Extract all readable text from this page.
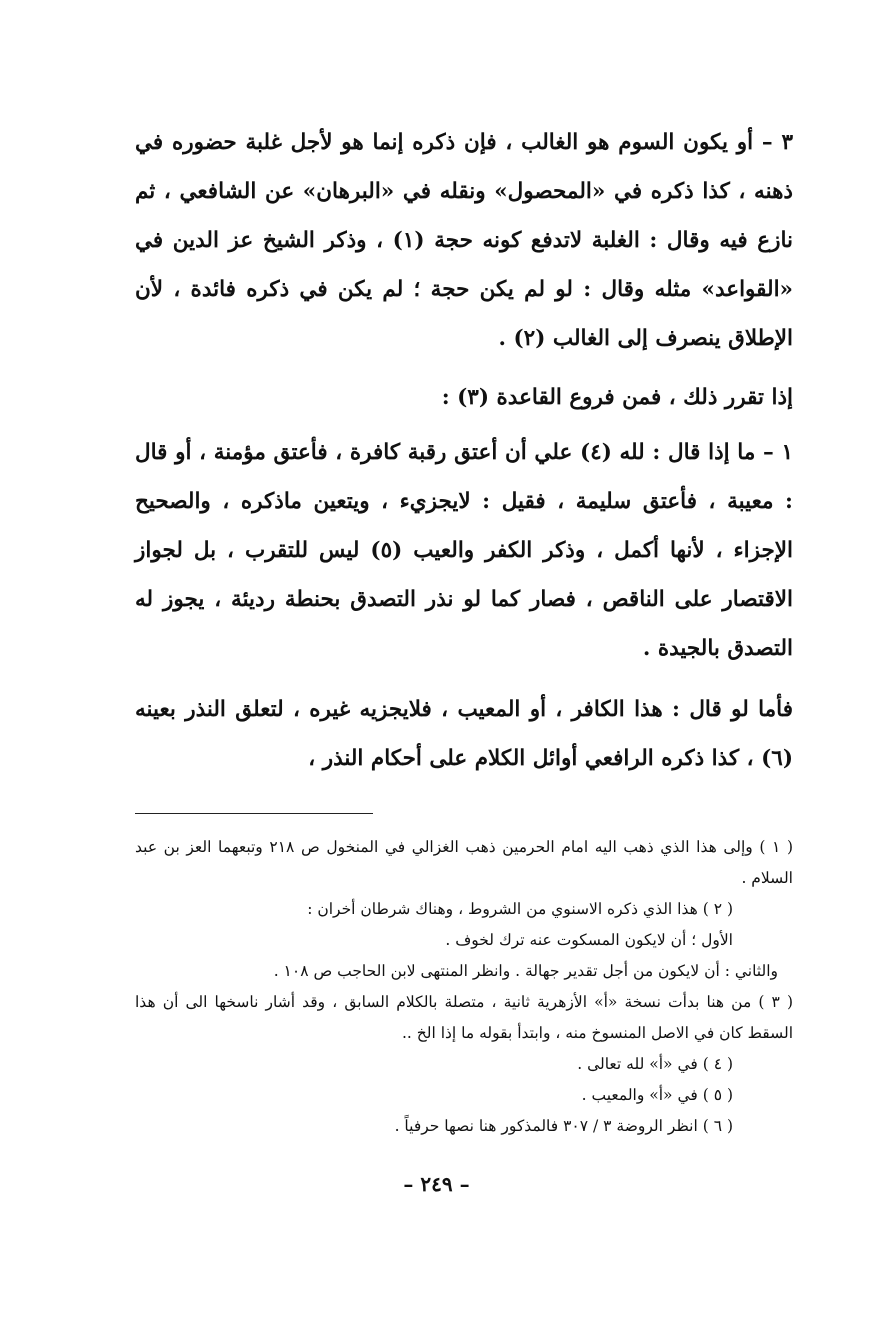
٣ – أو يكون السوم هو الغالب ، فإن ذكره إنما هو لأجل غلبة حضوره في ذهنه ، كذا ذكره في «المحصول» ونقله في «البرهان» عن الشافعي ، ثم نازع فيه وقال : الغلبة لاتدفع كونه حجة (١) ، وذكر الشيخ عز الدين في «القواعد» مثله وقال : لو لم يكن حجة ؛ لم يكن في ذكره فائدة ، لأن الإطلاق ينصرف إلى الغالب (٢) .

إذا تقرر ذلك ، فمن فروع القاعدة (٣) :

١ – ما إذا قال : لله (٤) علي أن أعتق رقبة كافرة ، فأعتق مؤمنة ، أو قال : معيبة ، فأعتق سليمة ، فقيل : لايجزيء ، ويتعين ماذكره ، والصحيح الإجزاء ، لأنها أكمل ، وذكر الكفر والعيب (٥) ليس للتقرب ، بل لجواز الاقتصار على الناقص ، فصار كما لو نذر التصدق بحنطة رديئة ، يجوز له التصدق بالجيدة .

فأما لو قال : هذا الكافر ، أو المعيب ، فلايجزيه غيره ، لتعلق النذر بعينه (٦) ، كذا ذكره الرافعي أوائل الكلام على أحكام النذر ،

( ١ ) وإلى هذا الذي ذهب اليه امام الحرمين ذهب الغزالي في المنخول ص ٢١٨ وتبعهما العز بن عبد السلام .

( ٢ ) هذا الذي ذكره الاسنوي من الشروط ، وهناك شرطان أخران :

الأول ؛ أن لايكون المسكوت عنه ترك لخوف .

والثاني : أن لايكون من أجل تقدير جهالة . وانظر المنتهى لابن الحاجب ص ١٠٨ .

( ٣ ) من هنا بدأت نسخة «أ» الأزهرية ثانية ، متصلة بالكلام السابق ، وقد أشار ناسخها الى أن هذا السقط كان في الاصل المنسوخ منه ، وابتدأ بقوله ما إذا الخ ..

( ٤ ) في «أ» لله تعالى .

( ٥ ) في «أ» والمعيب .

( ٦ ) انظر الروضة ٣ / ٣٠٧ فالمذكور هنا نصها حرفياً .

– ٢٤٩ –
